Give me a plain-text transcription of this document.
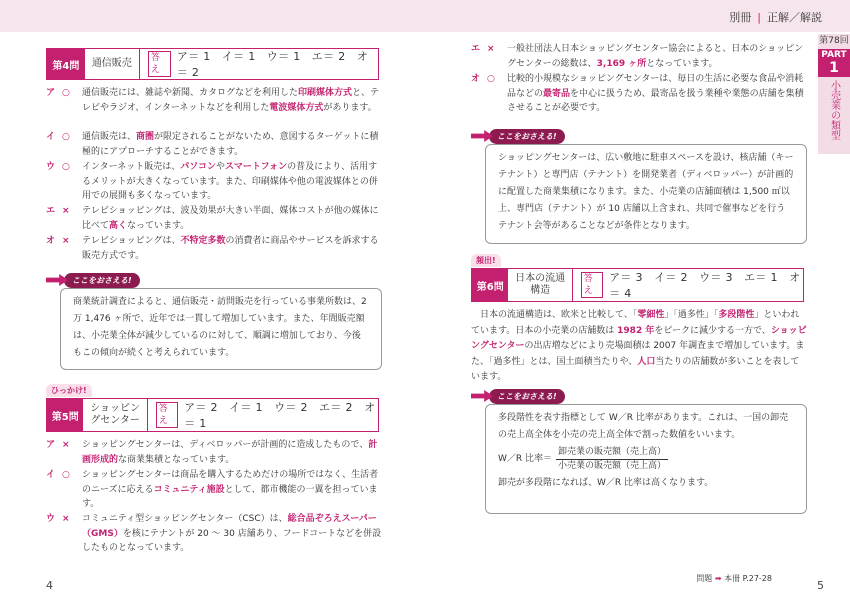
第4問	通信販売	答え
ア＝ 1　イ＝ 1　ウ＝ 1　エ＝ 2　オ＝ 2
ア ○ 通信販売には、雑誌や新聞、カタログなどを利用した印刷媒体方式と、テレビやラジオ、インターネットなどを利用した電波媒体方式があります。
イ ○ 通信販売は、商圏が限定されることがないため、意図するターゲットに積極的にアプローチすることができます。
ウ ○ インターネット販売は、パソコンやスマートフォンの普及により、活用するメリットが大きくなっています。また、印刷媒体や他の電波媒体との併用での展開も多くなっています。
エ × テレビショッピングは、波及効果が大きい半面、媒体コストが他の媒体に比べて高くなっています。
オ × テレビショッピングは、不特定多数の消費者に商品やサービスを訴求する販売方式です。
ここをおさえる!
商業統計調査によると、通信販売・訪問販売を行っている事業所数は、2万 1,476 ヶ所で、近年では一貫して増加しています。また、年間販売額は、小売業全体が減少しているのに対して、順調に増加しており、今後もこの傾向が続くと考えられています。
ひっかけ!
第5問
ショッピングセンター
答え
ア＝ 2　イ＝ 1　ウ＝ 2　エ＝ 2　オ＝ 1
ア × ショッピングセンターは、ディベロッパーが計画的に造成したもので、計画形成的な商業集積となっています。
イ ○ ショッピングセンターは商品を購入するためだけの場所ではなく、生活者のニーズに応えるコミュニティ施設として、都市機能の一翼を担っています。
ウ × コミュニティ型ショッピングセンター（CSC）は、総合品ぞろえスーパー（GMS）を核にテナントが 20 ～ 30 店舗あり、フードコートなどを併設したものとなっています。
4
別冊 | 正解／解説
エ × 一般社団法人日本ショッピングセンター協会によると、日本のショッピングセンターの総数は、3,169 ヶ所となっています。
オ ○ 比較的小規模なショッピングセンターは、毎日の生活に必要な食品や消耗品などの最寄品を中心に扱うため、最寄品を扱う業種や業態の店舗を集積させることが必要です。
ここをおさえる!
ショッピングセンターは、広い敷地に駐車スペースを設け、核店舗（キーテナント）と専門店（テナント）を開発業者（ディベロッパー）が計画的に配置した商業集積になります。また、小売業の店舗面積は 1,500 ㎡以上、専門店（テナント）が 10 店舗以上含まれ、共同で催事などを行うテナント会等があることなどが条件となります。
頻出!
第6問
日本の流通構造
答え
ア＝ 3　イ＝ 2　ウ＝ 3　エ＝ 1　オ＝ 4
日本の流通構造は、欧米と比較して、「零細性」「過多性」「多段階性」といわれています。日本の小売業の店舗数は 1982 年をピークに減少する一方で、ショッピングセンターの出店増などにより売場面積は 2007 年調査まで増加しています。また、「過多性」とは、国土面積当たりや、人口当たりの店舗数が多いことを表しています。
ここをおさえる!
多段階性を表す指標として W／R 比率があります。これは、一国の卸売の売上高全体を小売の売上高全体で割った数値をいいます。
W／R 比率＝ $\frac{\text{卸売業の販売額（売上高）}}{\text{小売業の販売額（売上高）}}$
卸売が多段階になれば、W／R 比率は高くなります。
問題 ➡ 本冊 P.27-28
5
第78回
PART
1
小売業の類型
